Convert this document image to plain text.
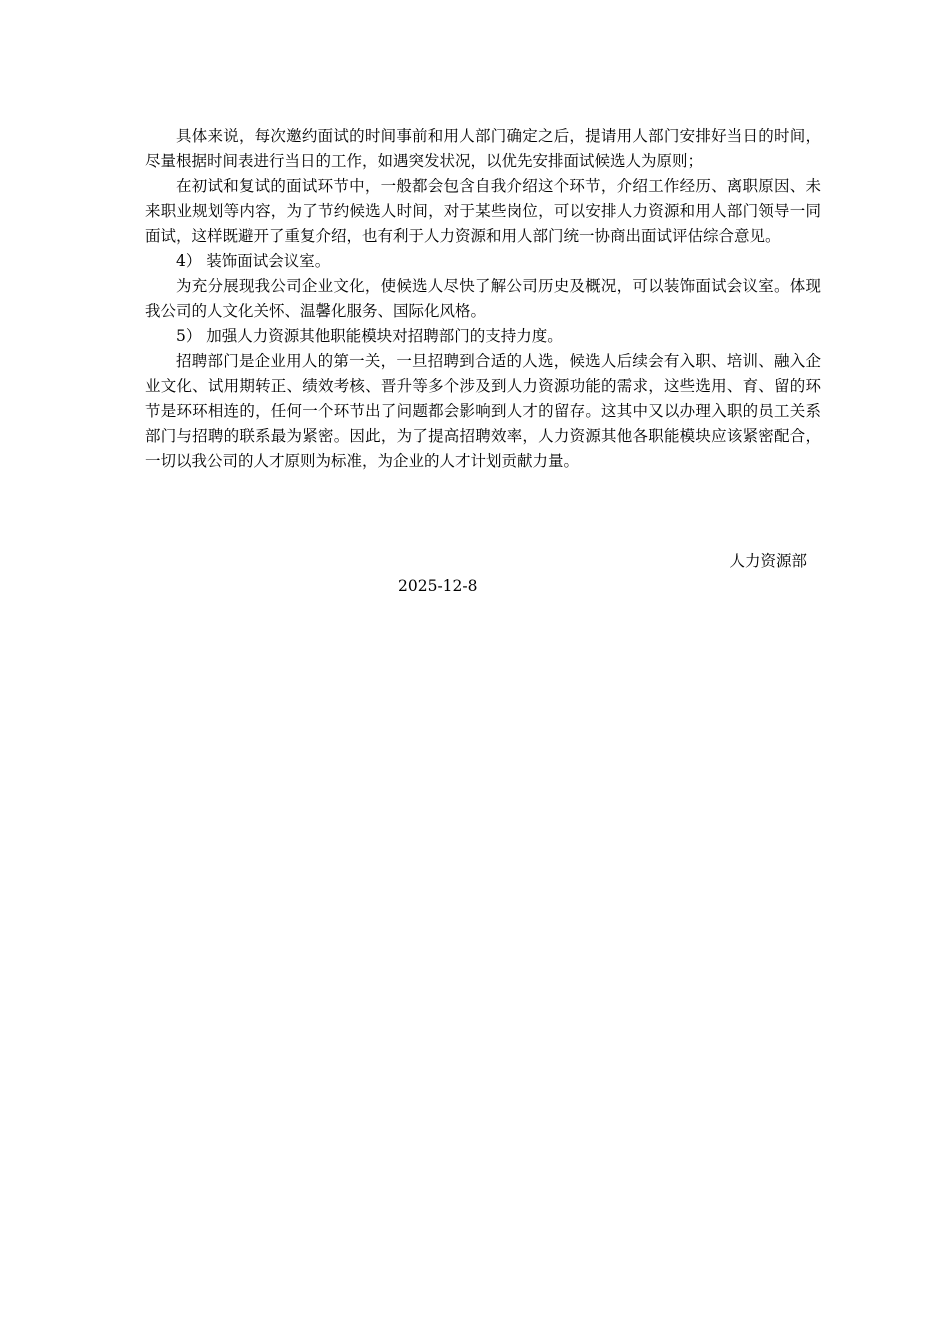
具体来说，每次邀约面试的时间事前和用人部门确定之后，提请用人部门安排好当日的时间，尽量根据时间表进行当日的工作，如遇突发状况，以优先安排面试候选人为原则；

在初试和复试的面试环节中，一般都会包含自我介绍这个环节，介绍工作经历、离职原因、未来职业规划等内容，为了节约候选人时间，对于某些岗位，可以安排人力资源和用人部门领导一同面试，这样既避开了重复介绍，也有利于人力资源和用人部门统一协商出面试评估综合意见。

4） 装饰面试会议室。

为充分展现我公司企业文化，使候选人尽快了解公司历史及概况，可以装饰面试会议室。体现我公司的人文化关怀、温馨化服务、国际化风格。

5） 加强人力资源其他职能模块对招聘部门的支持力度。

招聘部门是企业用人的第一关，一旦招聘到合适的人选，候选人后续会有入职、培训、融入企业文化、试用期转正、绩效考核、晋升等多个涉及到人力资源功能的需求，这些选用、育、留的环节是环环相连的，任何一个环节出了问题都会影响到人才的留存。这其中又以办理入职的员工关系部门与招聘的联系最为紧密。因此，为了提高招聘效率，人力资源其他各职能模块应该紧密配合，一切以我公司的人才原则为标准，为企业的人才计划贡献力量。

人力资源部
2025-12-8
